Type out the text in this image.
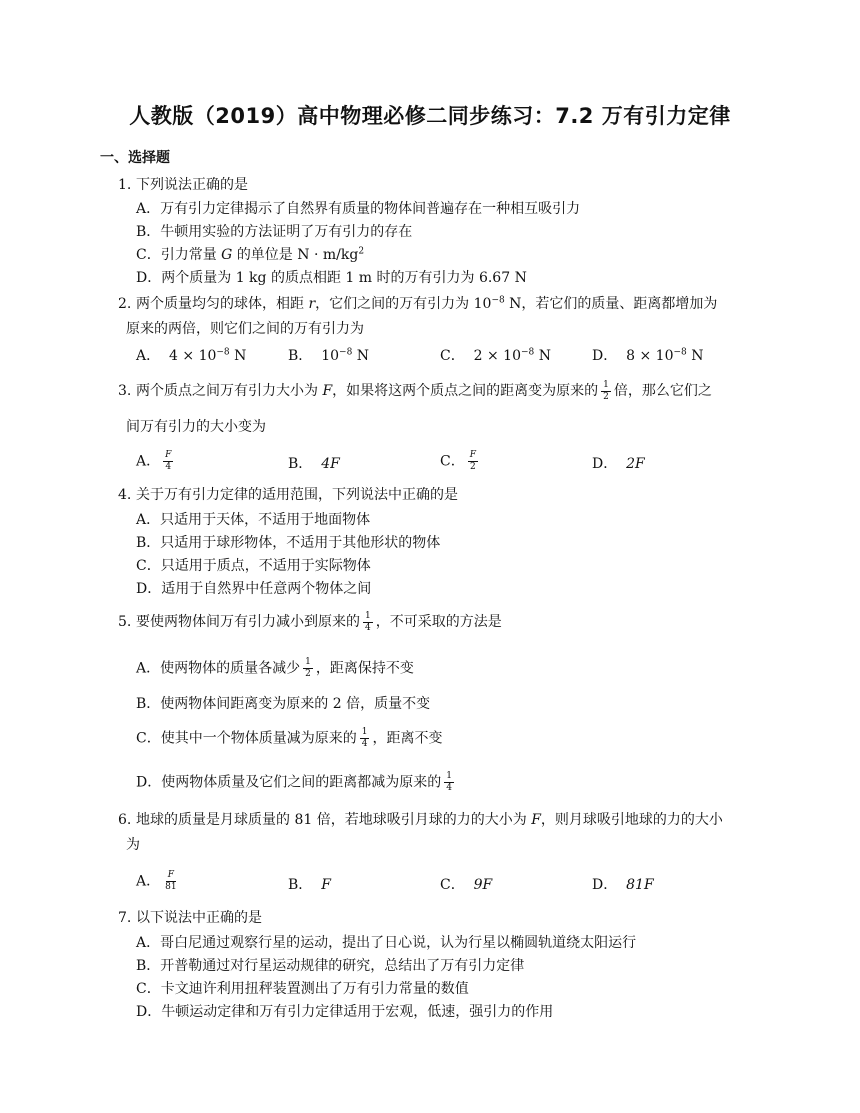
人教版（2019）高中物理必修二同步练习：7.2 万有引力定律
一、选择题
1. 下列说法正确的是
A．万有引力定律揭示了自然界有质量的物体间普遍存在一种相互吸引力
B．牛顿用实验的方法证明了万有引力的存在
C．引力常量 G 的单位是 $N \cdot m/kg^2$
D．两个质量为 1 kg 的质点相距 1 m 时的万有引力为 6.67 N
2. 两个质量均匀的球体，相距 r，它们之间的万有引力为 $10^{-8}$ N，若它们的质量、距离都增加为
原来的两倍，则它们之间的万有引力为
A． $4 \times 10^{-8}$ N	B． $10^{-8}$ N	C． $2 \times 10^{-8}$ N	D． $8 \times 10^{-8}$ N
3. 两个质点之间万有引力大小为 F，如果将这两个质点之间的距离变为原来的 $\frac{1}{2}$ 倍，那么它们之
间万有引力的大小变为
A． $\frac{F}{4}$	B． 4F	C． $\frac{F}{2}$	D． 2F
4. 关于万有引力定律的适用范围，下列说法中正确的是
A．只适用于天体，不适用于地面物体
B．只适用于球形物体，不适用于其他形状的物体
C．只适用于质点，不适用于实际物体
D．适用于自然界中任意两个物体之间
5. 要使两物体间万有引力减小到原来的 $\frac{1}{4}$ ，不可采取的方法是
A．使两物体的质量各减少 $\frac{1}{2}$ ，距离保持不变
B．使两物体间距离变为原来的 2 倍，质量不变
C．使其中一个物体质量减为原来的 $\frac{1}{4}$ ，距离不变
D．使两物体质量及它们之间的距离都减为原来的 $\frac{1}{4}$
6. 地球的质量是月球质量的 81 倍，若地球吸引月球的力的大小为 F，则月球吸引地球的力的大小
为
A． $\frac{F}{81}$	B． F	C． 9F	D． 81F
7. 以下说法中正确的是
A．哥白尼通过观察行星的运动，提出了日心说，认为行星以椭圆轨道绕太阳运行
B．开普勒通过对行星运动规律的研究，总结出了万有引力定律
C．卡文迪许利用扭秤装置测出了万有引力常量的数值
D．牛顿运动定律和万有引力定律适用于宏观，低速，强引力的作用
